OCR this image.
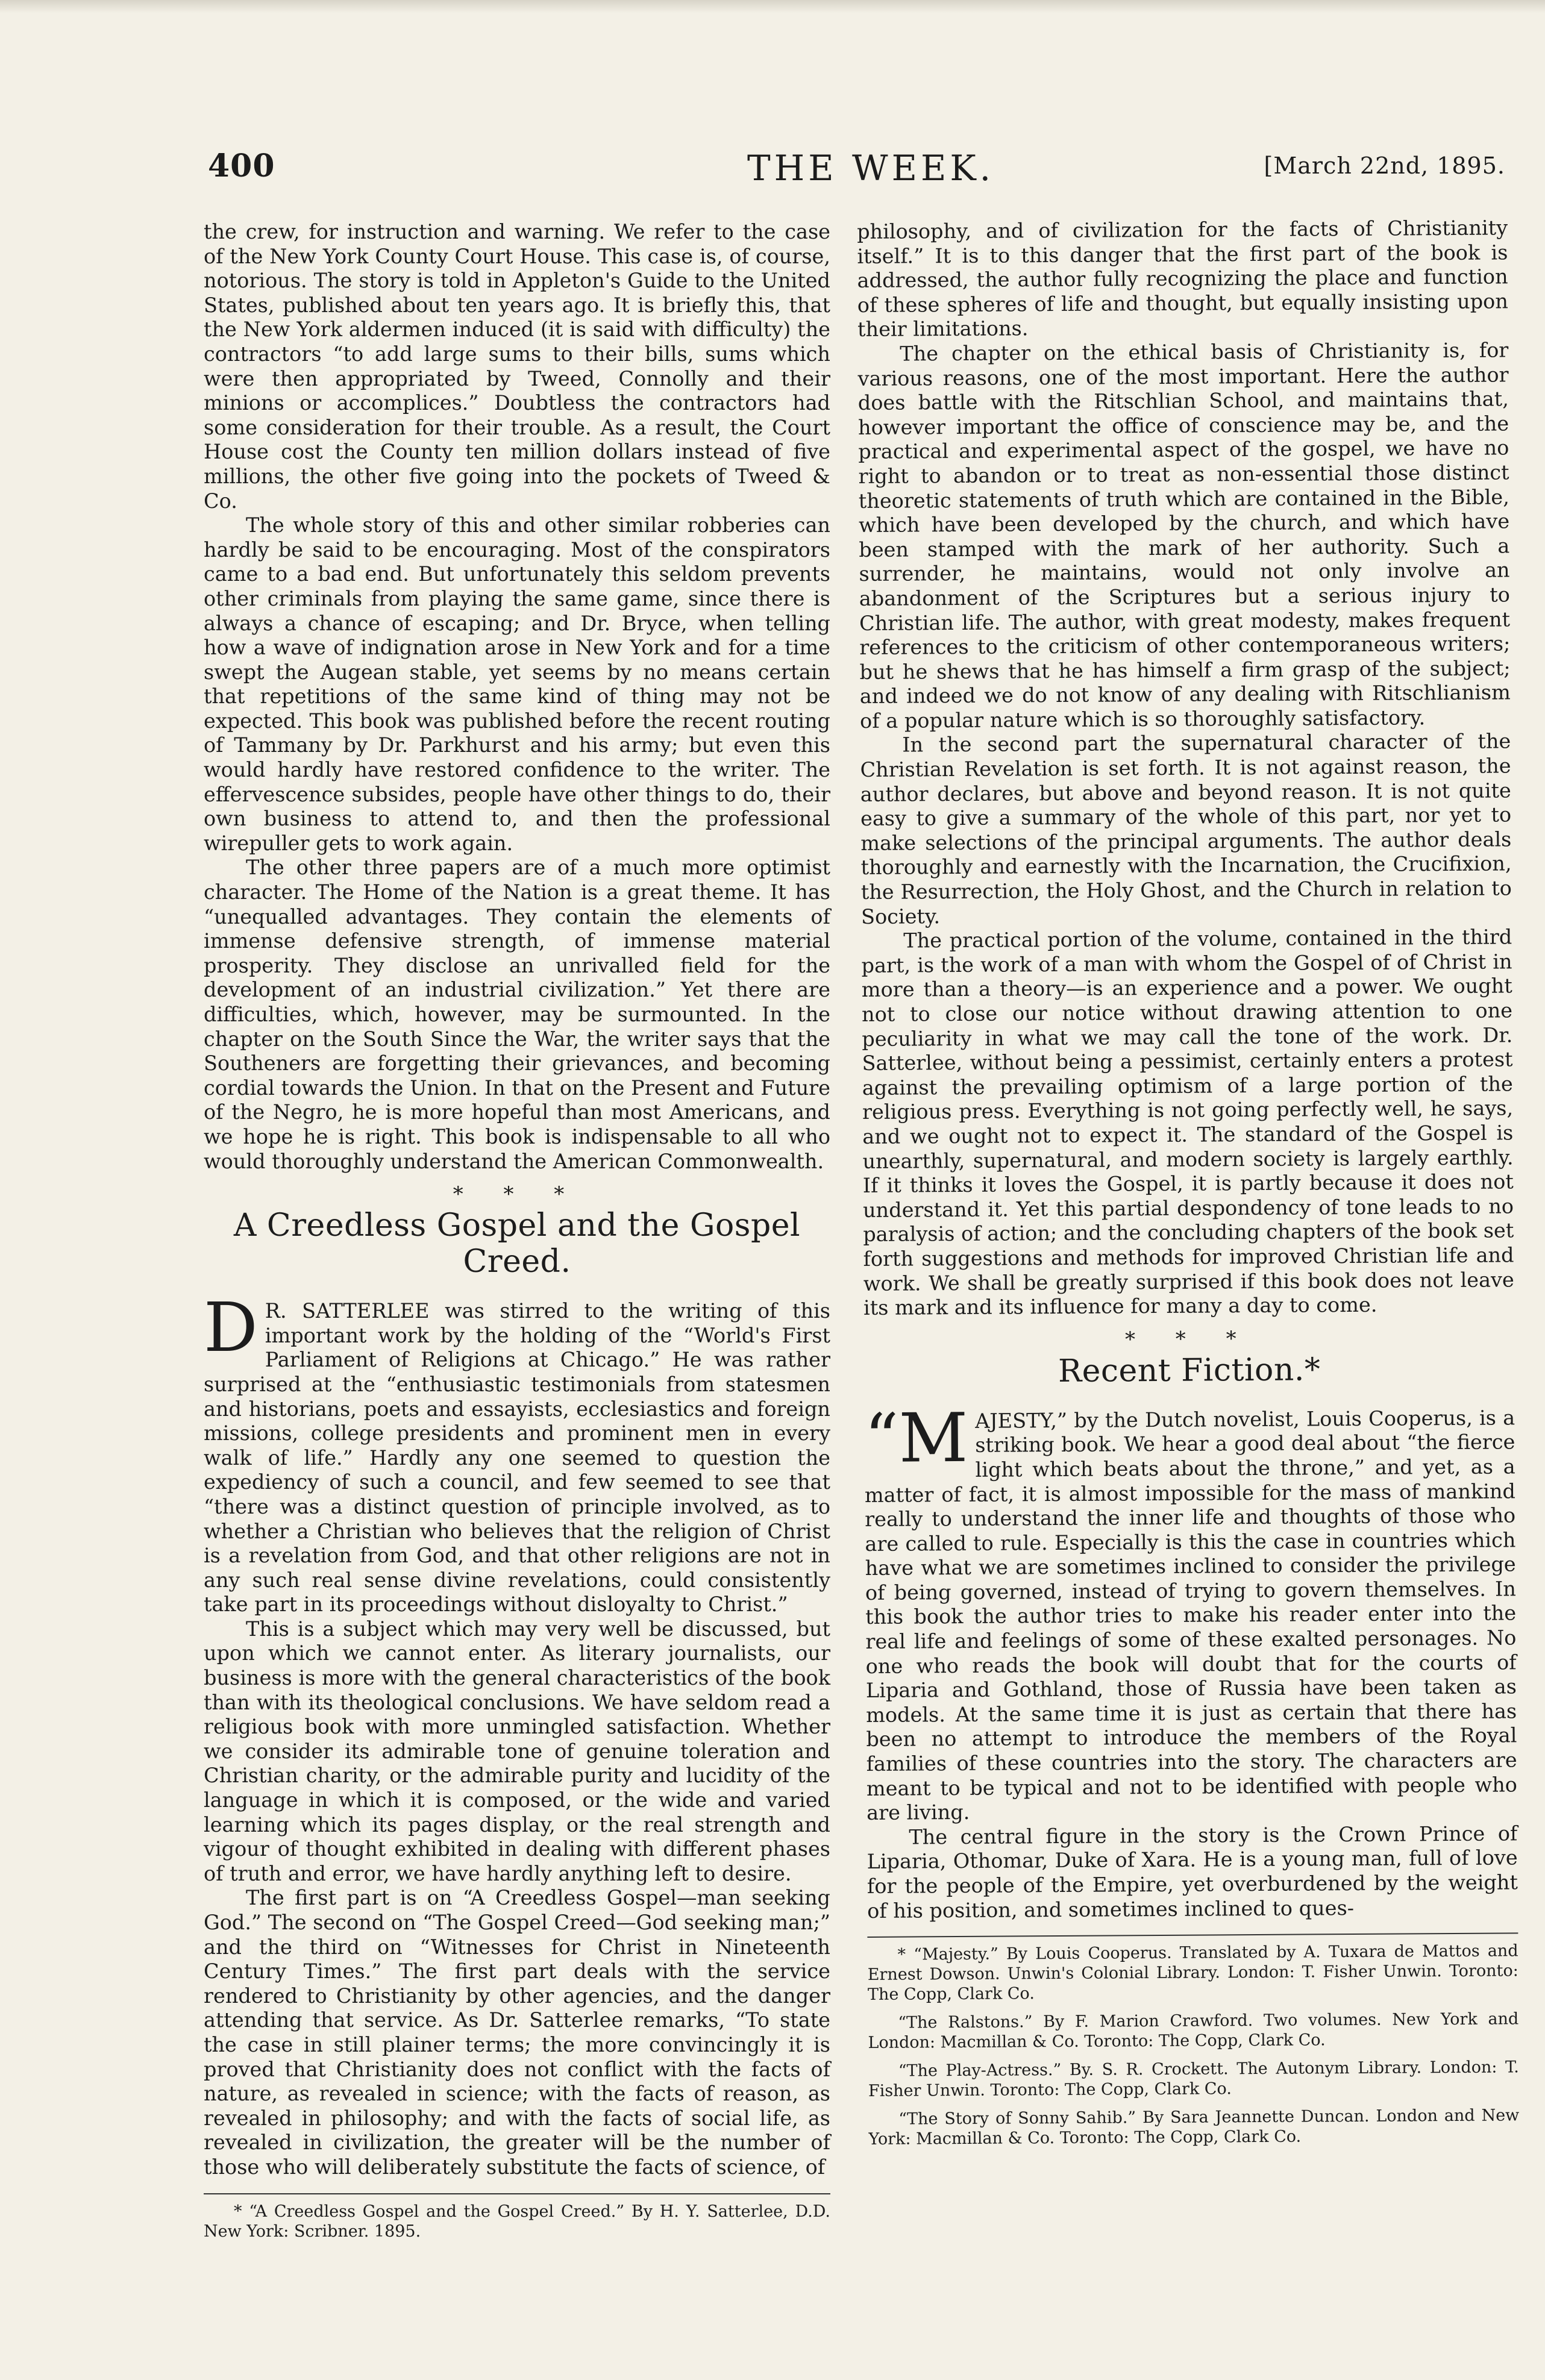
400	THE WEEK.	[March 22nd, 1895.

the crew, for instruction and warning. We refer to the case of the New York County Court House. This case is, of course, notorious. The story is told in Appleton's Guide to the United States, published about ten years ago. It is briefly this, that the New York aldermen induced (it is said with difficulty) the contractors “to add large sums to their bills, sums which were then appropriated by Tweed, Connolly and their minions or accomplices.” Doubtless the contractors had some consideration for their trouble. As a result, the Court House cost the County ten million dollars instead of five millions, the other five going into the pockets of Tweed & Co.

The whole story of this and other similar robberies can hardly be said to be encouraging. Most of the conspirators came to a bad end. But unfortunately this seldom prevents other criminals from playing the same game, since there is always a chance of escaping; and Dr. Bryce, when telling how a wave of indignation arose in New York and for a time swept the Augean stable, yet seems by no means certain that repetitions of the same kind of thing may not be expected. This book was published before the recent routing of Tammany by Dr. Parkhurst and his army; but even this would hardly have restored confidence to the writer. The effervescence subsides, people have other things to do, their own business to attend to, and then the professional wirepuller gets to work again.

The other three papers are of a much more optimist character. The Home of the Nation is a great theme. It has “unequalled advantages. They contain the elements of immense defensive strength, of immense material prosperity. They disclose an unrivalled field for the development of an industrial civilization.” Yet there are difficulties, which, however, may be surmounted. In the chapter on the South Since the War, the writer says that the Southeners are forgetting their grievances, and becoming cordial towards the Union. In that on the Present and Future of the Negro, he is more hopeful than most Americans, and we hope he is right. This book is indispensable to all who would thoroughly understand the American Commonwealth.

* * *
A Creedless Gospel and the Gospel Creed.

D R. SATTERLEE was stirred to the writing of this important work by the holding of the “World's First Parliament of Religions at Chicago.” He was rather surprised at the “enthusiastic testimonials from statesmen and historians, poets and essayists, ecclesiastics and foreign missions, college presidents and prominent men in every walk of life.” Hardly any one seemed to question the expediency of such a council, and few seemed to see that “there was a distinct question of principle involved, as to whether a Christian who believes that the religion of Christ is a revelation from God, and that other religions are not in any such real sense divine revelations, could consistently take part in its proceedings without disloyalty to Christ.”

This is a subject which may very well be discussed, but upon which we cannot enter. As literary journalists, our business is more with the general characteristics of the book than with its theological conclusions. We have seldom read a religious book with more unmingled satisfaction. Whether we consider its admirable tone of genuine toleration and Christian charity, or the admirable purity and lucidity of the language in which it is composed, or the wide and varied learning which its pages display, or the real strength and vigour of thought exhibited in dealing with different phases of truth and error, we have hardly anything left to desire.

The first part is on “A Creedless Gospel—man seeking God.” The second on “The Gospel Creed—God seeking man;” and the third on “Witnesses for Christ in Nineteenth Century Times.” The first part deals with the service rendered to Christianity by other agencies, and the danger attending that service. As Dr. Satterlee remarks, “To state the case in still plainer terms; the more convincingly it is proved that Christianity does not conflict with the facts of nature, as revealed in science; with the facts of reason, as revealed in philosophy; and with the facts of social life, as revealed in civilization, the greater will be the number of those who will deliberately substitute the facts of science, of

* “A Creedless Gospel and the Gospel Creed.” By H. Y. Satterlee, D.D. New York: Scribner. 1895.

philosophy, and of civilization for the facts of Christianity itself.” It is to this danger that the first part of the book is addressed, the author fully recognizing the place and function of these spheres of life and thought, but equally insisting upon their limitations.

The chapter on the ethical basis of Christianity is, for various reasons, one of the most important. Here the author does battle with the Ritschlian School, and maintains that, however important the office of conscience may be, and the practical and experimental aspect of the gospel, we have no right to abandon or to treat as non-essential those distinct theoretic statements of truth which are contained in the Bible, which have been developed by the church, and which have been stamped with the mark of her authority. Such a surrender, he maintains, would not only involve an abandonment of the Scriptures but a serious injury to Christian life. The author, with great modesty, makes frequent references to the criticism of other contemporaneous writers; but he shews that he has himself a firm grasp of the subject; and indeed we do not know of any dealing with Ritschlianism of a popular nature which is so thoroughly satisfactory.

In the second part the supernatural character of the Christian Revelation is set forth. It is not against reason, the author declares, but above and beyond reason. It is not quite easy to give a summary of the whole of this part, nor yet to make selections of the principal arguments. The author deals thoroughly and earnestly with the Incarnation, the Crucifixion, the Resurrection, the Holy Ghost, and the Church in relation to Society.

The practical portion of the volume, contained in the third part, is the work of a man with whom the Gospel of of Christ in more than a theory—is an experience and a power. We ought not to close our notice without drawing attention to one peculiarity in what we may call the tone of the work. Dr. Satterlee, without being a pessimist, certainly enters a protest against the prevailing optimism of a large portion of the religious press. Everything is not going perfectly well, he says, and we ought not to expect it. The standard of the Gospel is unearthly, supernatural, and modern society is largely earthly. If it thinks it loves the Gospel, it is partly because it does not understand it. Yet this partial despondency of tone leads to no paralysis of action; and the concluding chapters of the book set forth suggestions and methods for improved Christian life and work. We shall be greatly surprised if this book does not leave its mark and its influence for many a day to come.

* * *
Recent Fiction.*

“MAJESTY,” by the Dutch novelist, Louis Cooperus, is a striking book. We hear a good deal about “the fierce light which beats about the throne,” and yet, as a matter of fact, it is almost impossible for the mass of mankind really to understand the inner life and thoughts of those who are called to rule. Especially is this the case in countries which have what we are sometimes inclined to consider the privilege of being governed, instead of trying to govern themselves. In this book the author tries to make his reader enter into the real life and feelings of some of these exalted personages. No one who reads the book will doubt that for the courts of Liparia and Gothland, those of Russia have been taken as models. At the same time it is just as certain that there has been no attempt to introduce the members of the Royal families of these countries into the story. The characters are meant to be typical and not to be identified with people who are living.

The central figure in the story is the Crown Prince of Liparia, Othomar, Duke of Xara. He is a young man, full of love for the people of the Empire, yet overburdened by the weight of his position, and sometimes inclined to ques-

* “Majesty.” By Louis Cooperus. Translated by A. Tuxara de Mattos and Ernest Dowson. Unwin's Colonial Library. London: T. Fisher Unwin. Toronto: The Copp, Clark Co.

“The Ralstons.” By F. Marion Crawford. Two volumes. New York and London: Macmillan & Co. Toronto: The Copp, Clark Co.

“The Play-Actress.” By. S. R. Crockett. The Autonym Library. London: T. Fisher Unwin. Toronto: The Copp, Clark Co.

“The Story of Sonny Sahib.” By Sara Jeannette Duncan. London and New York: Macmillan & Co. Toronto: The Copp, Clark Co.
